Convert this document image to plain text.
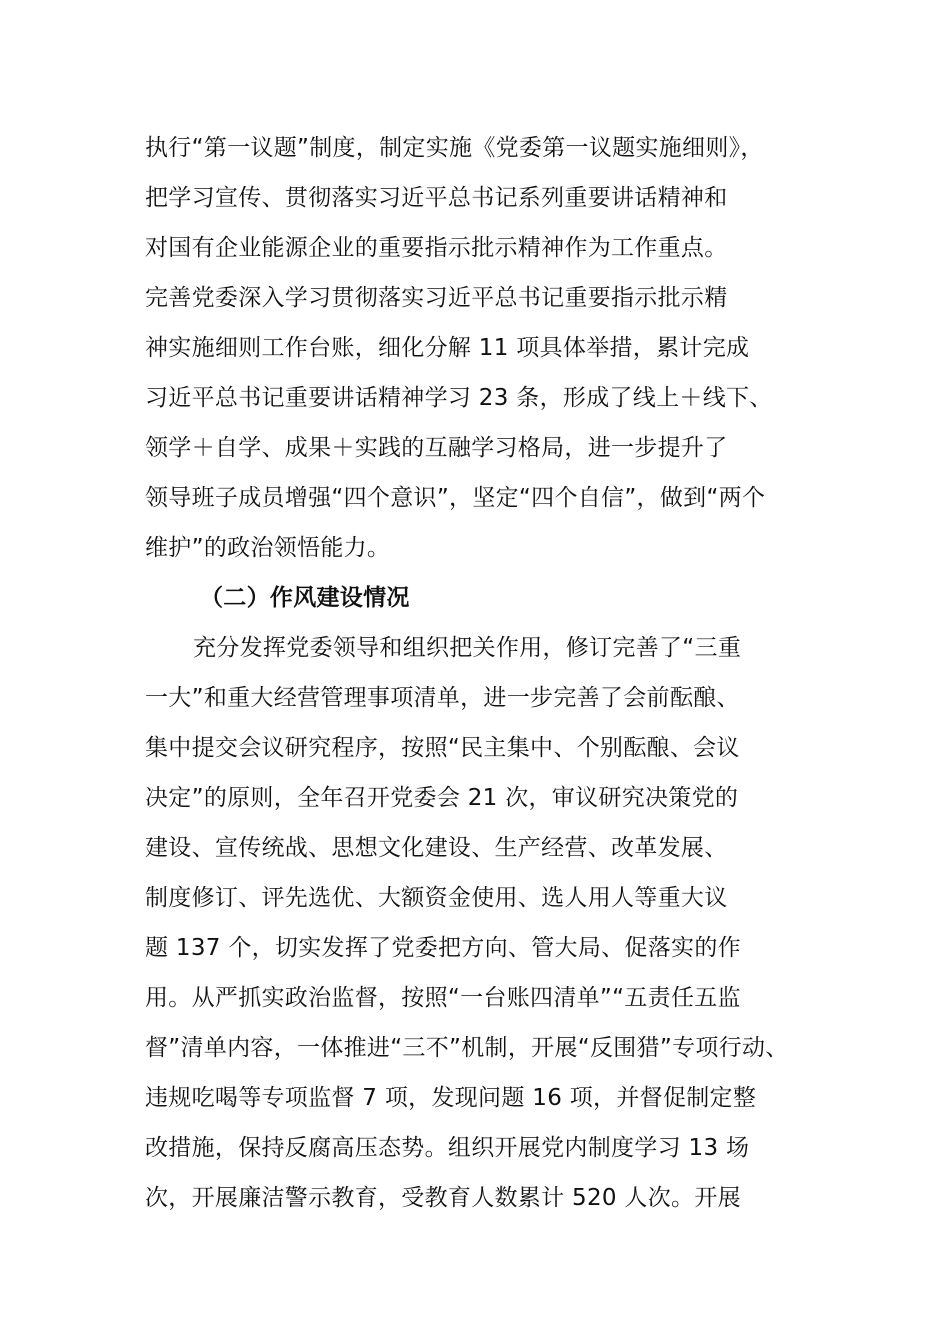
执行“第一议题”制度，制定实施《党委第一议题实施细则》，
把学习宣传、贯彻落实习近平总书记系列重要讲话精神和
对国有企业能源企业的重要指示批示精神作为工作重点。
完善党委深入学习贯彻落实习近平总书记重要指示批示精
神实施细则工作台账，细化分解 11 项具体举措，累计完成
习近平总书记重要讲话精神学习 23 条，形成了线上＋线下、
领学＋自学、成果＋实践的互融学习格局，进一步提升了
领导班子成员增强“四个意识”，坚定“四个自信”，做到“两个
维护”的政治领悟能力。
（二）作风建设情况
充分发挥党委领导和组织把关作用，修订完善了“三重
一大”和重大经营管理事项清单，进一步完善了会前酝酿、
集中提交会议研究程序，按照“民主集中、个别酝酿、会议
决定”的原则，全年召开党委会 21 次，审议研究决策党的
建设、宣传统战、思想文化建设、生产经营、改革发展、
制度修订、评先选优、大额资金使用、选人用人等重大议
题 137 个，切实发挥了党委把方向、管大局、促落实的作
用。从严抓实政治监督，按照“一台账四清单”“五责任五监
督”清单内容，一体推进“三不”机制，开展“反围猎”专项行动、
违规吃喝等专项监督 7 项，发现问题 16 项，并督促制定整
改措施，保持反腐高压态势。组织开展党内制度学习 13 场
次，开展廉洁警示教育，受教育人数累计 520 人次。开展
